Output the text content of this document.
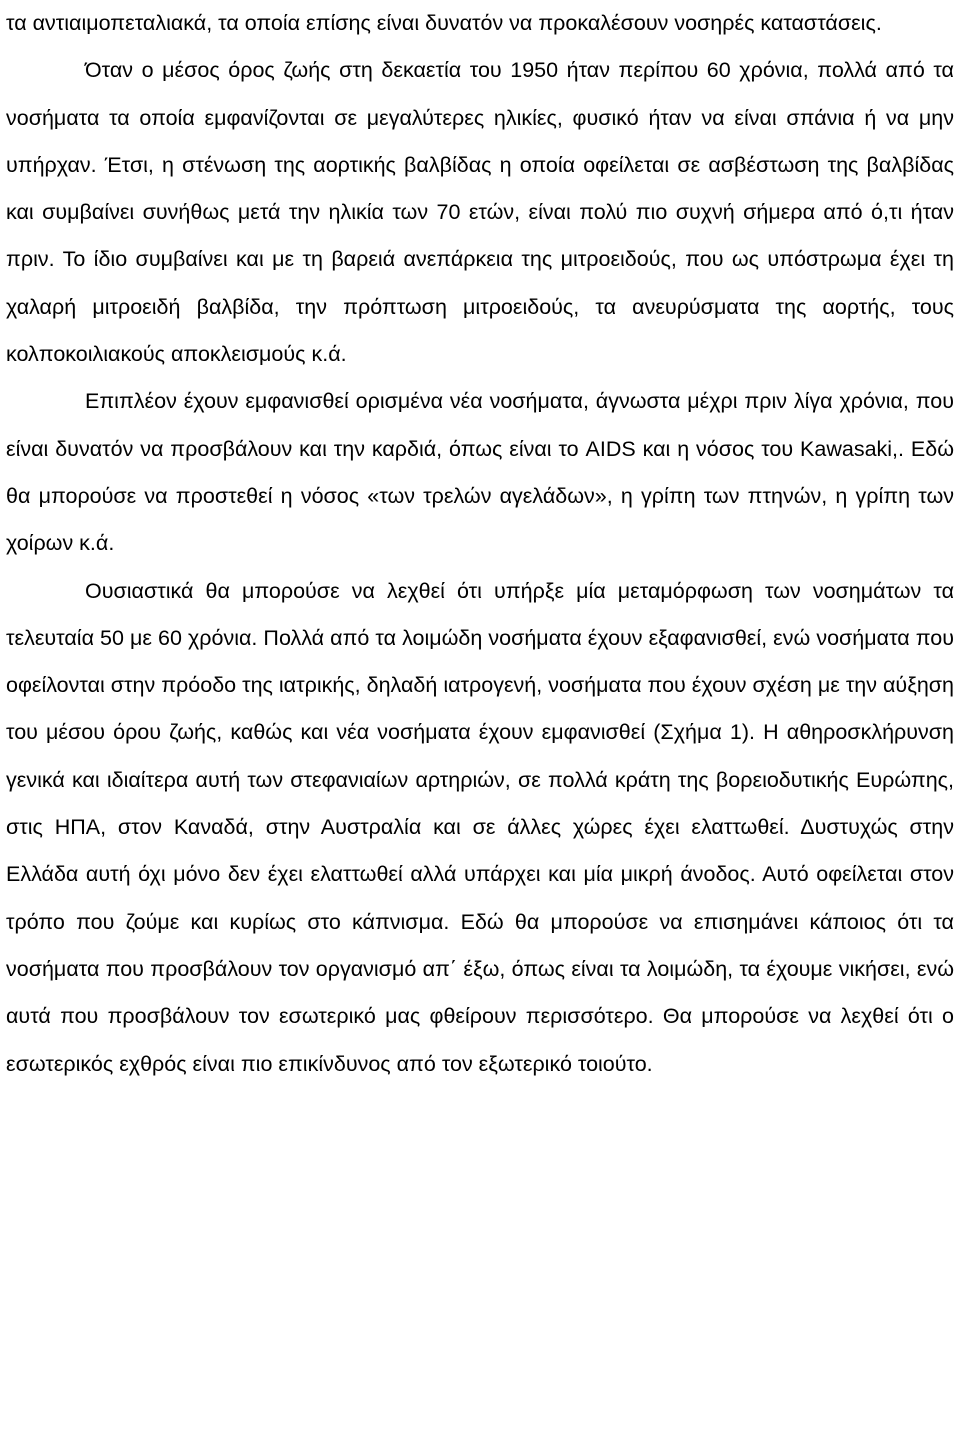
τα αντιαιμοπεταλιακά, τα οποία επίσης είναι δυνατόν να προκαλέσουν νοσηρές καταστάσεις.

Όταν ο μέσος όρος ζωής στη δεκαετία του 1950 ήταν περίπου 60 χρόνια, πολλά από τα νοσήματα τα οποία εμφανίζονται σε μεγαλύτερες ηλικίες, φυσικό ήταν να είναι σπάνια ή να μην υπήρχαν. Έτσι, η στένωση της αορτικής βαλβίδας η οποία οφείλεται σε ασβέστωση της βαλβίδας και συμβαίνει συνήθως μετά την ηλικία των 70 ετών, είναι πολύ πιο συχνή σήμερα από ό,τι ήταν πριν. Το ίδιο συμβαίνει και με τη βαρειά ανεπάρκεια της μιτροειδούς, που ως υπόστρωμα έχει τη χαλαρή μιτροειδή βαλβίδα, την πρόπτωση μιτροειδούς, τα ανευρύσματα της αορτής, τους κολποκοιλιακούς αποκλεισμούς κ.ά.

Επιπλέον έχουν εμφανισθεί ορισμένα νέα νοσήματα, άγνωστα μέχρι πριν λίγα χρόνια, που είναι δυνατόν να προσβάλουν και την καρδιά, όπως είναι το AIDS και η νόσος του Kawasaki,. Εδώ θα μπορούσε να προστεθεί η νόσος «των τρελών αγελάδων», η γρίπη των πτηνών, η γρίπη των χοίρων κ.ά.

Ουσιαστικά θα μπορούσε να λεχθεί ότι υπήρξε μία μεταμόρφωση των νοσημάτων τα τελευταία 50 με 60 χρόνια. Πολλά από τα λοιμώδη νοσήματα έχουν εξαφανισθεί, ενώ νοσήματα που οφείλονται στην πρόοδο της ιατρικής, δηλαδή ιατρογενή, νοσήματα που έχουν σχέση με την αύξηση του μέσου όρου ζωής, καθώς και νέα νοσήματα έχουν εμφανισθεί (Σχήμα 1). Η αθηροσκλήρυνση γενικά και ιδιαίτερα αυτή των στεφανιαίων αρτηριών, σε πολλά κράτη της βορειοδυτικής Ευρώπης, στις ΗΠΑ, στον Καναδά, στην Αυστραλία και σε άλλες χώρες έχει ελαττωθεί. Δυστυχώς στην Ελλάδα αυτή όχι μόνο δεν έχει ελαττωθεί αλλά υπάρχει και μία μικρή άνοδος. Αυτό οφείλεται στον τρόπο που ζούμε και κυρίως στο κάπνισμα. Εδώ θα μπορούσε να επισημάνει κάποιος ότι τα νοσήματα που προσβάλουν τον οργανισμό απ΄ έξω, όπως είναι τα λοιμώδη, τα έχουμε νικήσει, ενώ αυτά που προσβάλουν τον εσωτερικό μας φθείρουν περισσότερο. Θα μπορούσε να λεχθεί ότι ο εσωτερικός εχθρός είναι πιο επικίνδυνος από τον εξωτερικό τοιούτο.
